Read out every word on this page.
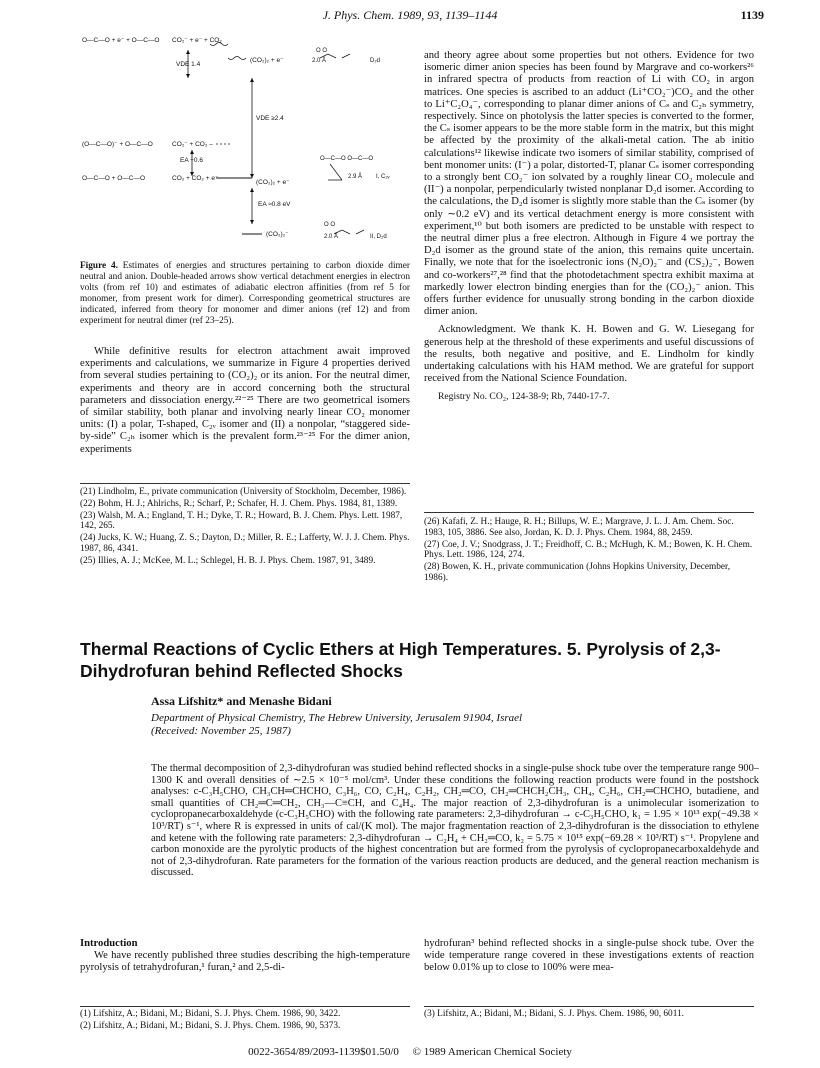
J. Phys. Chem. 1989, 93, 1139–1144	1139
O—C—O + e⁻ + O—C—O CO₂⁻ + e⁻ + CO₂
VDE 1.4
(CO₂)₂ + e⁻
O O
2.0 Å	D₂d
VDE ≥2.4
(O—C—O)⁻ + O—C—O	CO₂⁻ + CO₂ –
EA −0.6
O—C—O + O—C—O	CO₂ + CO₂ + e⁻
(CO₂)₂ + e⁻
O—C—O O—C—O
2.9 Å I, C₂ᵥ
EA ≈0.8 eV
(CO₂)₂⁻
O O
2.0 Å	II, D₂d
Figure 4. Estimates of energies and structures pertaining to carbon dioxide dimer neutral and anion. Double-headed arrows show vertical detachment energies in electron volts (from ref 10) and estimates of adiabatic electron affinities (from ref 5 for monomer, from present work for dimer). Corresponding geometrical structures are indicated, inferred from theory for monomer and dimer anions (ref 12) and from experiment for neutral dimer (ref 23–25).

While definitive results for electron attachment await improved experiments and calculations, we summarize in Figure 4 properties derived from several studies pertaining to (CO₂)₂ or its anion. For the neutral dimer, experiments and theory are in accord concerning both the structural parameters and dissociation energy.²²⁻²⁵ There are two geometrical isomers of similar stability, both planar and involving nearly linear CO₂ monomer units: (I) a polar, T-shaped, C₂ᵥ isomer and (II) a nonpolar, “staggered side-by-side” C₂ₕ isomer which is the prevalent form.²³⁻²⁵ For the dimer anion, experiments

(21) Lindholm, E., private communication (University of Stockholm, December, 1986).
(22) Bohm, H. J.; Ahlrichs, R.; Scharf, P.; Schafer, H. J. Chem. Phys. 1984, 81, 1389.
(23) Walsh, M. A.; England, T. H.; Dyke, T. R.; Howard, B. J. Chem. Phys. Lett. 1987, 142, 265.
(24) Jucks, K. W.; Huang, Z. S.; Dayton, D.; Miller, R. E.; Lafferty, W. J. J. Chem. Phys. 1987, 86, 4341.
(25) Illies, A. J.; McKee, M. L.; Schlegel, H. B. J. Phys. Chem. 1987, 91, 3489.

and theory agree about some properties but not others. Evidence for two isomeric dimer anion species has been found by Margrave and co-workers²⁶ in infrared spectra of products from reaction of Li with CO₂ in argon matrices. One species is ascribed to an adduct (Li⁺CO₂⁻)CO₂ and the other to Li⁺C₂O₄⁻, corresponding to planar dimer anions of Cₛ and C₂ₕ symmetry, respectively. Since on photolysis the latter species is converted to the former, the Cₛ isomer appears to be the more stable form in the matrix, but this might be affected by the proximity of the alkali-metal cation. The ab initio calculations¹² likewise indicate two isomers of similar stability, comprised of bent monomer units: (I⁻) a polar, distorted-T, planar Cₛ isomer corresponding to a strongly bent CO₂⁻ ion solvated by a roughly linear CO₂ molecule and (II⁻) a nonpolar, perpendicularly twisted nonplanar D₂d isomer. According to the calculations, the D₂d isomer is slightly more stable than the Cₛ isomer (by only ∼0.2 eV) and its vertical detachment energy is more consistent with experiment,¹⁰ but both isomers are predicted to be unstable with respect to the neutral dimer plus a free electron. Although in Figure 4 we portray the D₂d isomer as the ground state of the anion, this remains quite uncertain. Finally, we note that for the isoelectronic ions (N₂O)₂⁻ and (CS₂)₂⁻, Bowen and co-workers²⁷,²⁸ find that the photodetachment spectra exhibit maxima at markedly lower electron binding energies than for the (CO₂)₂⁻ anion. This offers further evidence for unusually strong bonding in the carbon dioxide dimer anion.

Acknowledgment. We thank K. H. Bowen and G. W. Liesegang for generous help at the threshold of these experiments and useful discussions of the results, both negative and positive, and E. Lindholm for kindly undertaking calculations with his HAM method. We are grateful for support received from the National Science Foundation.

Registry No. CO₂, 124-38-9; Rb, 7440-17-7.

(26) Kafafi, Z. H.; Hauge, R. H.; Billups, W. E.; Margrave, J. L. J. Am. Chem. Soc. 1983, 105, 3886. See also, Jordan, K. D. J. Phys. Chem. 1984, 88, 2459.
(27) Coe, J. V.; Snodgrass, J. T.; Freidhoff, C. B.; McHugh, K. M.; Bowen, K. H. Chem. Phys. Lett. 1986, 124, 274.
(28) Bowen, K. H., private communication (Johns Hopkins University, December, 1986).
Thermal Reactions of Cyclic Ethers at High Temperatures. 5. Pyrolysis of 2,3-Dihydrofuran behind Reflected Shocks
Assa Lifshitz* and Menashe Bidani
Department of Physical Chemistry, The Hebrew University, Jerusalem 91904, Israel
(Received: November 25, 1987)
The thermal decomposition of 2,3-dihydrofuran was studied behind reflected shocks in a single-pulse shock tube over the temperature range 900–1300 K and overall densities of ∼2.5 × 10⁻⁵ mol/cm³. Under these conditions the following reaction products were found in the postshock analyses: c-C₃H₅CHO, CH₃CH═CHCHO, C₃H₆, CO, C₂H₄, C₂H₂, CH₂═CO, CH₂═CHCH₂CH₃, CH₄, C₂H₆, CH₂═CHCHO, butadiene, and small quantities of CH₂═C═CH₂, CH₃—C≡CH, and C₄H₄. The major reaction of 2,3-dihydrofuran is a unimolecular isomerization to cyclopropanecarboxaldehyde (c-C₃H₅CHO) with the following rate parameters: 2,3-dihydrofuran → c-C₃H₅CHO, k₁ = 1.95 × 10¹³ exp(−49.38 × 10³/RT) s⁻¹, where R is expressed in units of cal/(K mol). The major fragmentation reaction of 2,3-dihydrofuran is the dissociation to ethylene and ketene with the following rate parameters: 2,3-dihydrofuran → C₂H₄ + CH₂═CO, k₂ = 5.75 × 10¹⁵ exp(−69.28 × 10³/RT) s⁻¹. Propylene and carbon monoxide are the pyrolytic products of the highest concentration but are formed from the pyrolysis of cyclopropanecarboxaldehyde and not of 2,3-dihydrofuran. Rate parameters for the formation of the various reaction products are deduced, and the general reaction mechanism is discussed.

Introduction

We have recently published three studies describing the high-temperature pyrolysis of tetrahydrofuran,¹ furan,² and 2,5-di-

hydrofuran³ behind reflected shocks in a single-pulse shock tube. Over the wide temperature range covered in these investigations extents of reaction below 0.01% up to close to 100% were mea-

(1) Lifshitz, A.; Bidani, M.; Bidani, S. J. Phys. Chem. 1986, 90, 3422.
(2) Lifshitz, A.; Bidani, M.; Bidani, S. J. Phys. Chem. 1986, 90, 5373.
(3) Lifshitz, A.; Bidani, M.; Bidani, S. J. Phys. Chem. 1986, 90, 6011.
0022-3654/89/2093-1139$01.50/0 © 1989 American Chemical Society
